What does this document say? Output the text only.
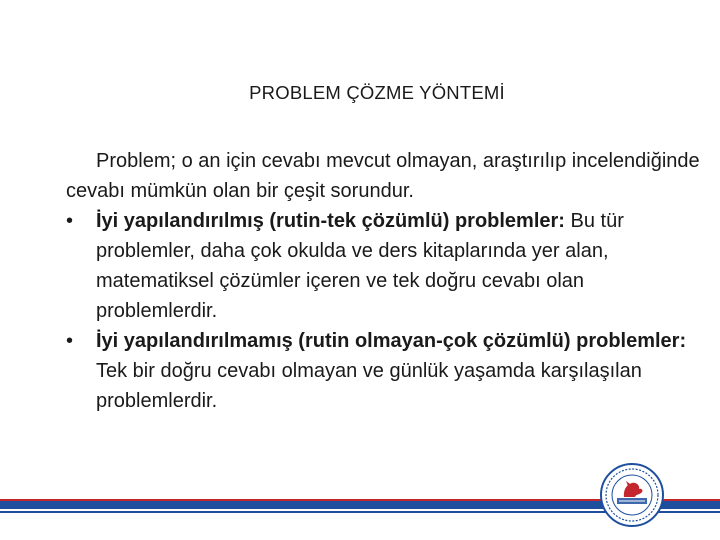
PROBLEM ÇÖZME YÖNTEMİ

Problem; o an için cevabı mevcut olmayan, araştırılıp incelendiğinde cevabı mümkün olan bir çeşit sorundur.

•	İyi yapılandırılmış (rutin-tek çözümlü) problemler: Bu tür problemler, daha çok okulda ve ders kitaplarında yer alan, matematiksel çözümler içeren ve tek doğru cevabı olan problemlerdir.
•	İyi yapılandırılmamış (rutin olmayan-çok çözümlü) problemler: Tek bir doğru cevabı olmayan ve günlük yaşamda karşılaşılan problemlerdir.
